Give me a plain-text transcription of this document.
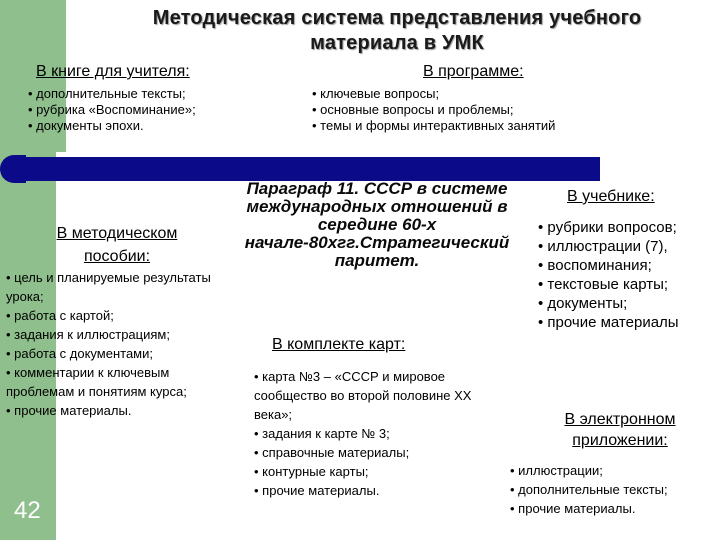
Методическая система представления учебного
материала в УМК
В книге для учителя:
• дополнительные тексты;
• рубрика «Воспоминание»;
• документы эпохи.
В программе:
• ключевые вопросы;
• основные вопросы и проблемы;
• темы и формы интерактивных занятий
Параграф 11. СССР в системе международных отношений в середине 60-х начале-80хгг.Стратегический паритет.
В методическом
пособии:
• цель и планируемые результаты урока;
• работа с картой;
• задания к иллюстрациям;
• работа с документами;
• комментарии к ключевым проблемам и понятиям курса;
• прочие материалы.
В учебнике:
• рубрики вопросов;
• иллюстрации (7),
• воспоминания;
• текстовые карты;
• документы;
• прочие материалы
В комплекте карт:
• карта №3 – «СССР и мировое сообщество во второй половине ХХ века»;
• задания к карте № 3;
• справочные материалы;
• контурные карты;
• прочие материалы.
В электронном
приложении:
• иллюстрации;
• дополнительные тексты;
• прочие материалы.
42
